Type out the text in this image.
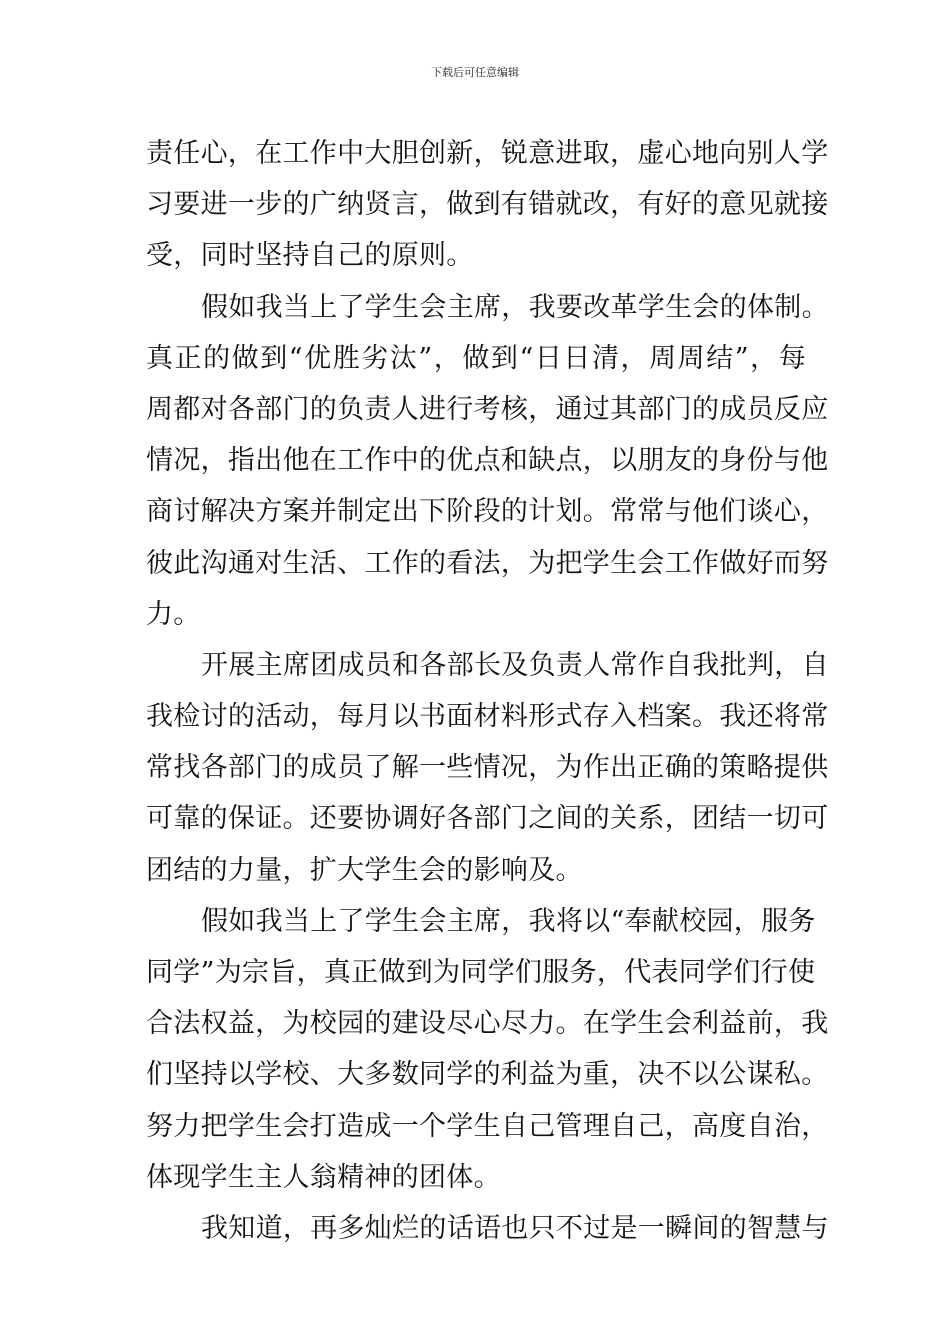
下载后可任意编辑
责任心，在工作中大胆创新，锐意进取，虚心地向别人学
习要进一步的广纳贤言，做到有错就改，有好的意见就接
受，同时坚持自己的原则。
假如我当上了学生会主席，我要改革学生会的体制。
真正的做到“优胜劣汰”，做到“日日清，周周结”，每
周都对各部门的负责人进行考核，通过其部门的成员反应
情况，指出他在工作中的优点和缺点，以朋友的身份与他
商讨解决方案并制定出下阶段的计划。常常与他们谈心，
彼此沟通对生活、工作的看法，为把学生会工作做好而努
力。
开展主席团成员和各部长及负责人常作自我批判，自
我检讨的活动，每月以书面材料形式存入档案。我还将常
常找各部门的成员了解一些情况，为作出正确的策略提供
可靠的保证。还要协调好各部门之间的关系，团结一切可
团结的力量，扩大学生会的影响及。
假如我当上了学生会主席，我将以“奉献校园，服务
同学”为宗旨，真正做到为同学们服务，代表同学们行使
合法权益，为校园的建设尽心尽力。在学生会利益前，我
们坚持以学校、大多数同学的利益为重，决不以公谋私。
努力把学生会打造成一个学生自己管理自己，高度自治，
体现学生主人翁精神的团体。
我知道，再多灿烂的话语也只不过是一瞬间的智慧与
